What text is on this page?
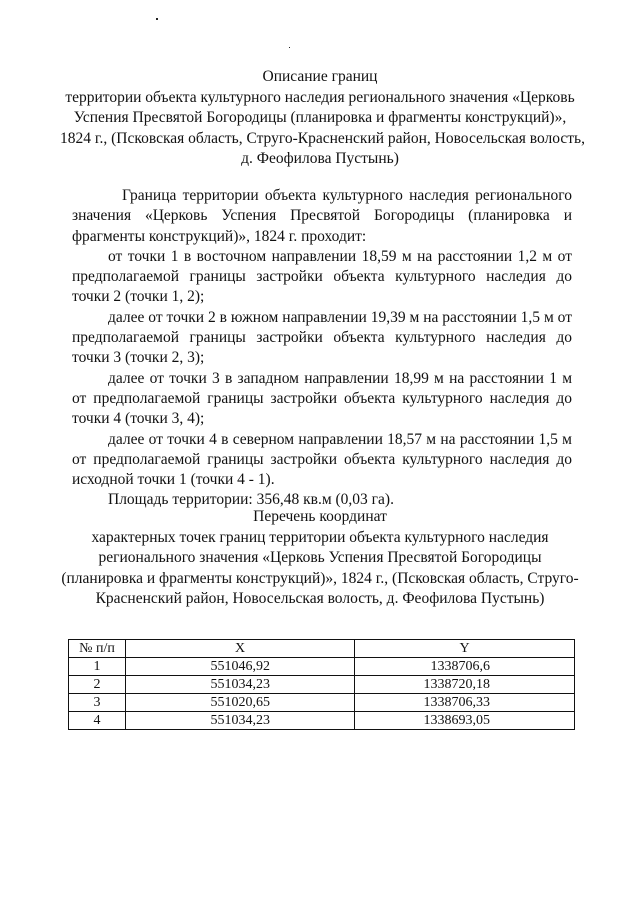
Описание границ
территории объекта культурного наследия регионального значения «Церковь
Успения Пресвятой Богородицы (планировка и фрагменты конструкций)»,
1824 г., (Псковская область, Струго-Красненский район, Новосельская волость,
д. Феофилова Пустынь)

Граница территории объекта культурного наследия регионального значения «Церковь Успения Пресвятой Богородицы (планировка и фрагменты конструкций)», 1824 г. проходит:

от точки 1 в восточном направлении 18,59 м на расстоянии 1,2 м от предполагаемой границы застройки объекта культурного наследия до точки 2 (точки 1, 2);

далее от точки 2 в южном направлении 19,39 м на расстоянии 1,5 м от предполагаемой границы застройки объекта культурного наследия до точки 3 (точки 2, 3);

далее от точки 3 в западном направлении 18,99 м на расстоянии 1 м от предполагаемой границы застройки объекта культурного наследия до точки 4 (точки 3, 4);

далее от точки 4 в северном направлении 18,57 м на расстоянии 1,5 м от предполагаемой границы застройки объекта культурного наследия до исходной точки 1 (точки 4 - 1).

Площадь территории: 356,48 кв.м (0,03 га).

Перечень координат
характерных точек границ территории объекта культурного наследия
регионального значения «Церковь Успения Пресвятой Богородицы
(планировка и фрагменты конструкций)», 1824 г., (Псковская область, Струго-
Красненский район, Новосельская волость, д. Феофилова Пустынь)
№ п/п	X	Y
1	551046,92	1338706,6
2	551034,23	1338720,18
3	551020,65	1338706,33
4	551034,23	1338693,05
